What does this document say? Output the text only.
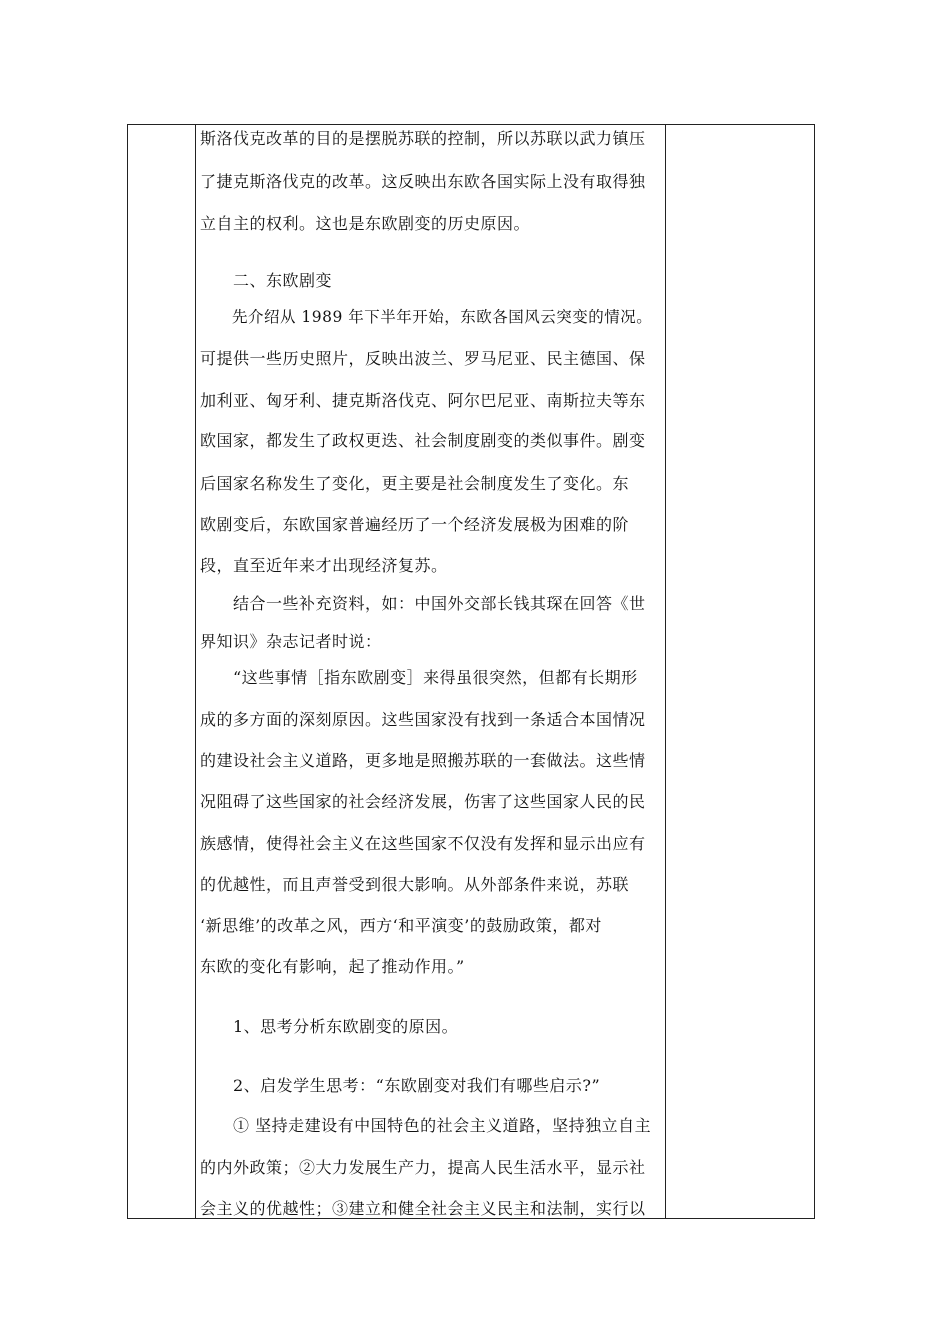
斯洛伐克改革的目的是摆脱苏联的控制，所以苏联以武力镇压
了捷克斯洛伐克的改革。这反映出东欧各国实际上没有取得独
立自主的权利。这也是东欧剧变的历史原因。
　　二、东欧剧变
　　先介绍从 1989 年下半年开始，东欧各国风云突变的情况。
可提供一些历史照片，反映出波兰、罗马尼亚、民主德国、保
加利亚、匈牙利、捷克斯洛伐克、阿尔巴尼亚、南斯拉夫等东
欧国家，都发生了政权更迭、社会制度剧变的类似事件。剧变
后国家名称发生了变化，更主要是社会制度发生了变化。东
欧剧变后，东欧国家普遍经历了一个经济发展极为困难的阶
段，直至近年来才出现经济复苏。
　　结合一些补充资料，如：中国外交部长钱其琛在回答《世
界知识》杂志记者时说：
　　“这些事情［指东欧剧变］来得虽很突然，但都有长期形
成的多方面的深刻原因。这些国家没有找到一条适合本国情况
的建设社会主义道路，更多地是照搬苏联的一套做法。这些情
况阻碍了这些国家的社会经济发展，伤害了这些国家人民的民
族感情，使得社会主义在这些国家不仅没有发挥和显示出应有
的优越性，而且声誉受到很大影响。从外部条件来说，苏联
‘新思维’的改革之风，西方‘和平演变’的鼓励政策，都对
东欧的变化有影响，起了推动作用。”
　　1、思考分析东欧剧变的原因。
　　2、启发学生思考：“东欧剧变对我们有哪些启示?”
　　① 坚持走建设有中国特色的社会主义道路，坚持独立自主
的内外政策；②大力发展生产力，提高人民生活水平，显示社
会主义的优越性；③建立和健全社会主义民主和法制，实行以
